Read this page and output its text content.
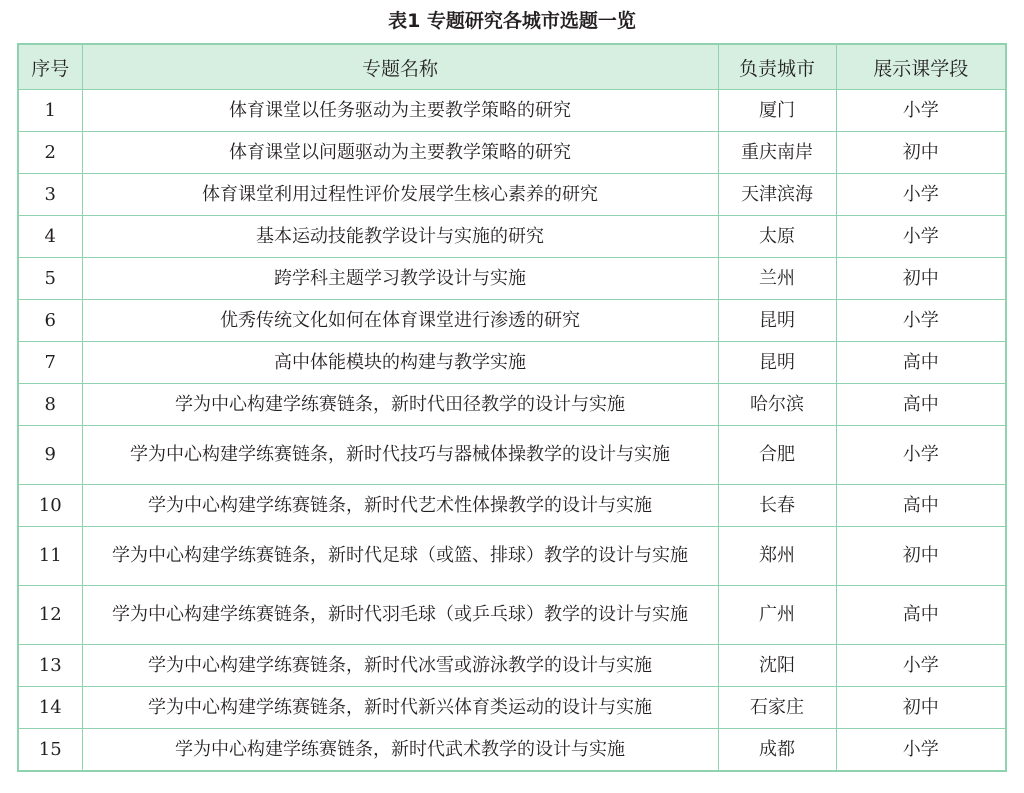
表1 专题研究各城市选题一览
序号	专题名称	负责城市	展示课学段
1	体育课堂以任务驱动为主要教学策略的研究	厦门	小学
2	体育课堂以问题驱动为主要教学策略的研究	重庆南岸	初中
3	体育课堂利用过程性评价发展学生核心素养的研究	天津滨海	小学
4	基本运动技能教学设计与实施的研究	太原	小学
5	跨学科主题学习教学设计与实施	兰州	初中
6	优秀传统文化如何在体育课堂进行渗透的研究	昆明	小学
7	高中体能模块的构建与教学实施	昆明	高中
8	学为中心构建学练赛链条，新时代田径教学的设计与实施	哈尔滨	高中
9	学为中心构建学练赛链条，新时代技巧与器械体操教学的设计与实施	合肥	小学
10	学为中心构建学练赛链条，新时代艺术性体操教学的设计与实施	长春	高中
11	学为中心构建学练赛链条，新时代足球（或篮、排球）教学的设计与实施	郑州	初中
12	学为中心构建学练赛链条，新时代羽毛球（或乒乓球）教学的设计与实施	广州	高中
13	学为中心构建学练赛链条，新时代冰雪或游泳教学的设计与实施	沈阳	小学
14	学为中心构建学练赛链条，新时代新兴体育类运动的设计与实施	石家庄	初中
15	学为中心构建学练赛链条，新时代武术教学的设计与实施	成都	小学
